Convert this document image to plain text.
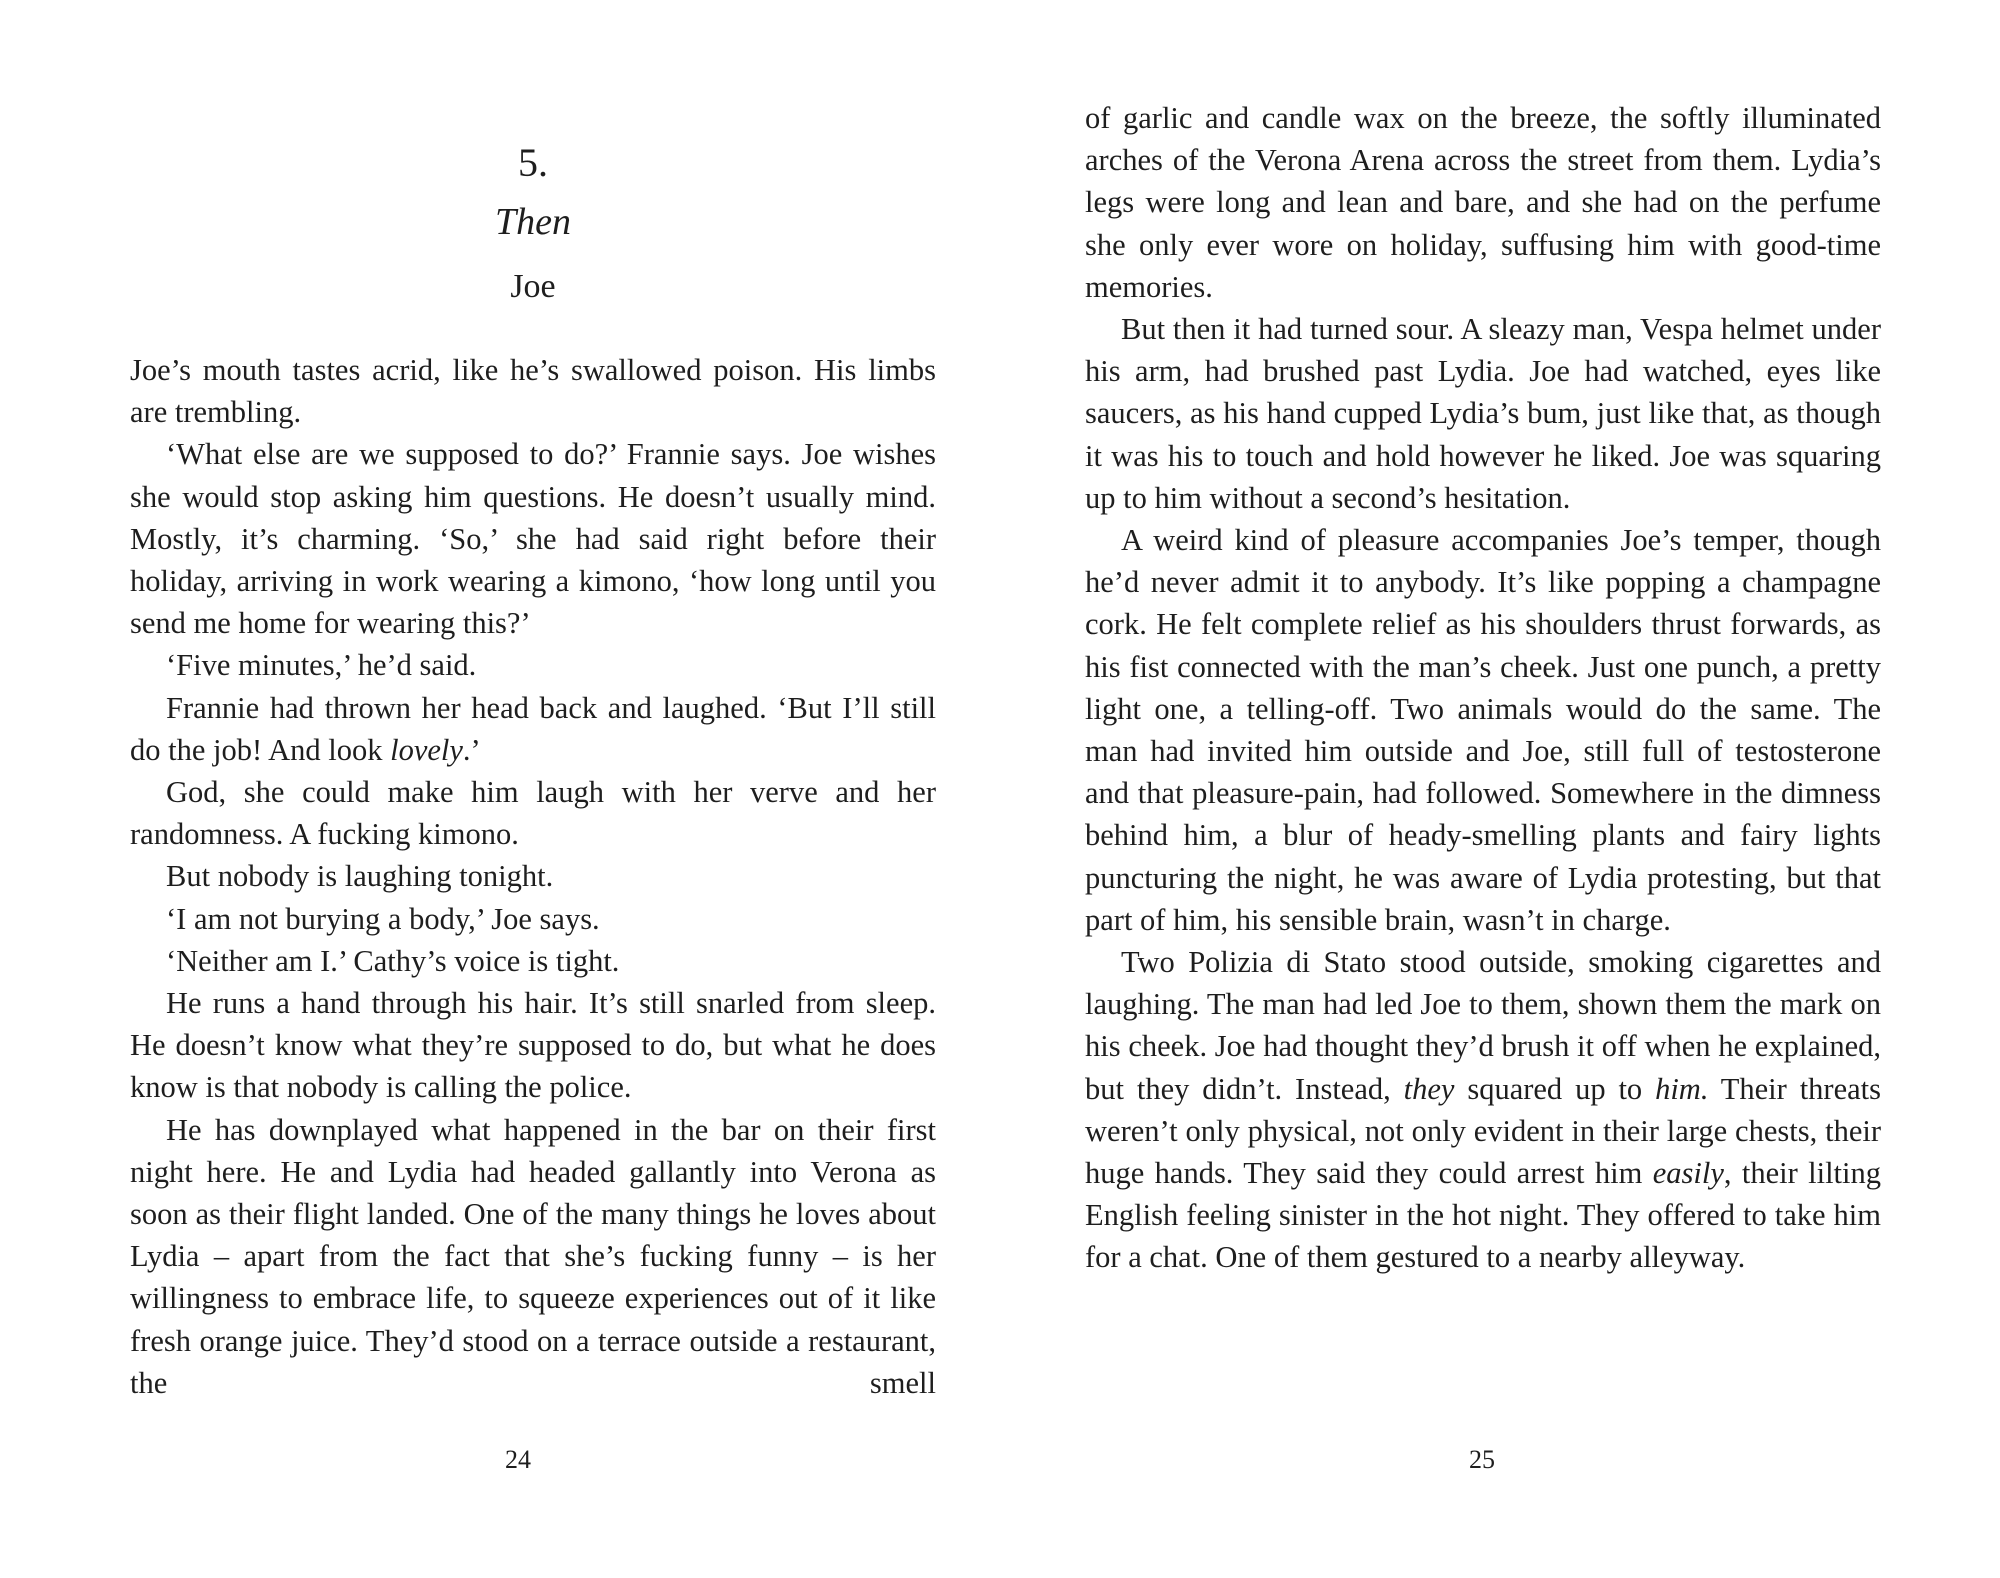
5.
Then
Joe

Joe’s mouth tastes acrid, like he’s swallowed poison. His limbs are trembling.

‘What else are we supposed to do?’ Frannie says. Joe wishes she would stop asking him questions. He doesn’t usually mind. Mostly, it’s charming. ‘So,’ she had said right before their holiday, arriving in work wearing a kimono, ‘how long until you send me home for wearing this?’

‘Five minutes,’ he’d said.

Frannie had thrown her head back and laughed. ‘But I’ll still do the job! And look lovely.’

God, she could make him laugh with her verve and her randomness. A fucking kimono.

But nobody is laughing tonight.

‘I am not burying a body,’ Joe says.

‘Neither am I.’ Cathy’s voice is tight.

He runs a hand through his hair. It’s still snarled from sleep. He doesn’t know what they’re supposed to do, but what he does know is that nobody is calling the police.

He has downplayed what happened in the bar on their first night here. He and Lydia had headed gallantly into Verona as soon as their flight landed. One of the many things he loves about Lydia – apart from the fact that she’s fucking funny – is her willingness to embrace life, to squeeze experiences out of it like fresh orange juice. They’d stood on a terrace outside a restaurant, the smell

24

of garlic and candle wax on the breeze, the softly illuminated arches of the Verona Arena across the street from them. Lydia’s legs were long and lean and bare, and she had on the perfume she only ever wore on holiday, suffusing him with good-time memories.

But then it had turned sour. A sleazy man, Vespa helmet under his arm, had brushed past Lydia. Joe had watched, eyes like saucers, as his hand cupped Lydia’s bum, just like that, as though it was his to touch and hold however he liked. Joe was squaring up to him without a second’s hesitation.

A weird kind of pleasure accompanies Joe’s temper, though he’d never admit it to anybody. It’s like popping a champagne cork. He felt complete relief as his shoulders thrust forwards, as his fist connected with the man’s cheek. Just one punch, a pretty light one, a telling-off. Two animals would do the same. The man had invited him outside and Joe, still full of testosterone and that pleasure-pain, had followed. Somewhere in the dimness behind him, a blur of heady-smelling plants and fairy lights puncturing the night, he was aware of Lydia protesting, but that part of him, his sensible brain, wasn’t in charge.

Two Polizia di Stato stood outside, smoking cigarettes and laughing. The man had led Joe to them, shown them the mark on his cheek. Joe had thought they’d brush it off when he explained, but they didn’t. Instead, they squared up to him. Their threats weren’t only physical, not only evident in their large chests, their huge hands. They said they could arrest him easily, their lilting English feeling sinister in the hot night. They offered to take him for a chat. One of them gestured to a nearby alleyway.

25
